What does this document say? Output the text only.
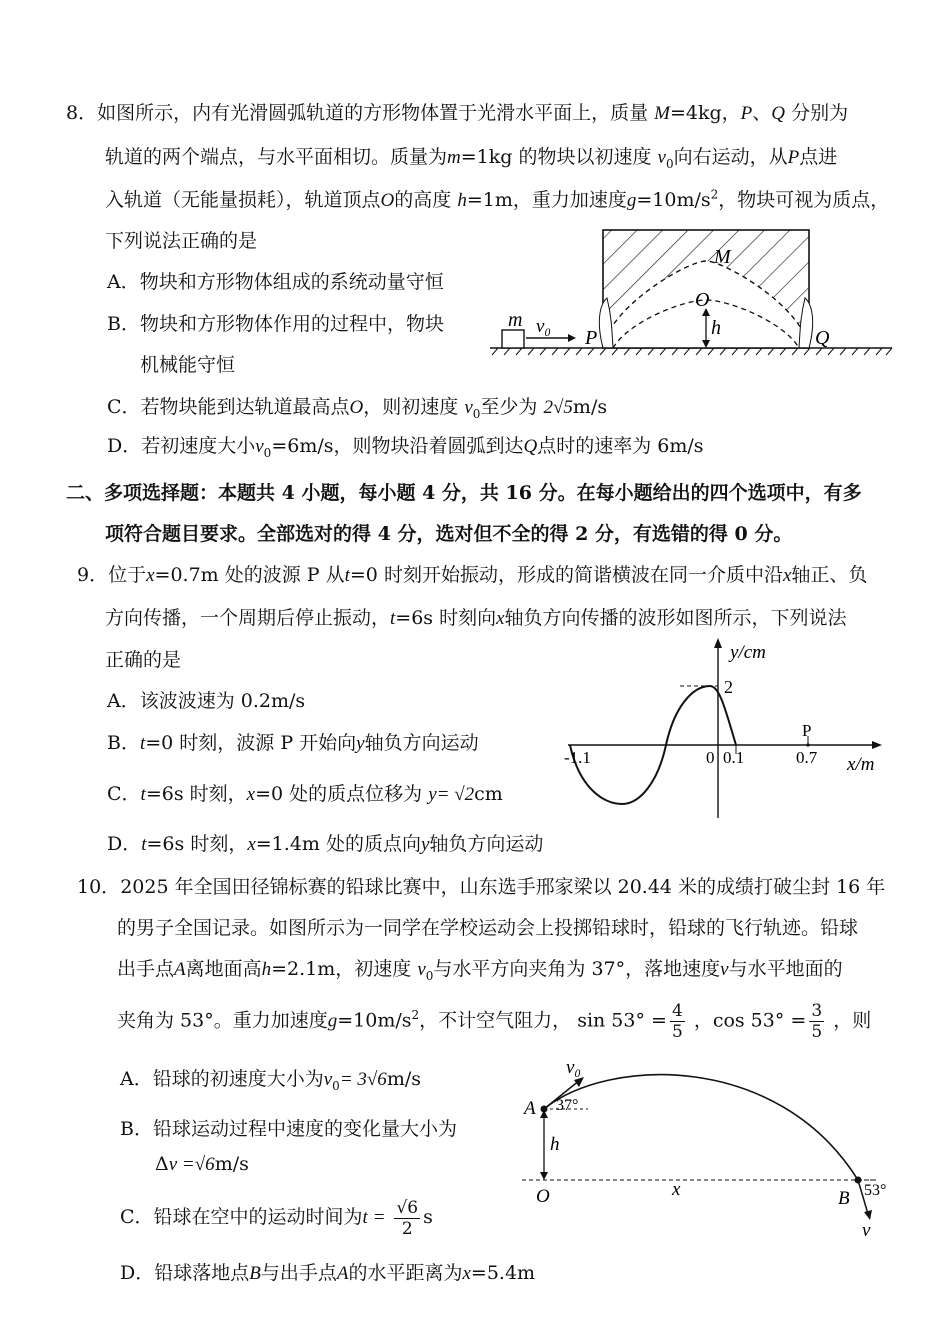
8．如图所示，内有光滑圆弧轨道的方形物体置于光滑水平面上，质量 M=4kg，P、Q 分别为
轨道的两个端点，与水平面相切。质量为m=1kg 的物块以初速度 $v_0$向右运动，从P点进
入轨道（无能量损耗），轨道顶点O的高度 h=1m，重力加速度$g=10m/s^2$，物块可视为质点，
下列说法正确的是
A．物块和方形物体组成的系统动量守恒
B．物块和方形物体作用的过程中，物块
机械能守恒
C．若物块能到达轨道最高点O，则初速度 $v_0$至少为 2√5m/s
D．若初速度大小$v_0=6m/s$，则物块沿着圆弧到达Q点时的速率为 6m/s
M
O
h
P	Q
m v₀
二、多项选择题：本题共 4 小题，每小题 4 分，共 16 分。在每小题给出的四个选项中，有多
项符合题目要求。全部选对的得 4 分，选对但不全的得 2 分，有选错的得 0 分。
9．位于x=0.7m 处的波源 P 从t=0 时刻开始振动，形成的简谐横波在同一介质中沿x轴正、负
方向传播，一个周期后停止振动，t=6s 时刻向x轴负方向传播的波形如图所示，下列说法
正确的是
A．该波波速为 0.2m/s
B．t=0 时刻，波源 P 开始向y轴负方向运动
C．t=6s 时刻，x=0 处的质点位移为 y= √2cm
D．t=6s 时刻，x=1.4m 处的质点向y轴负方向运动
y/cm
x/m
2
-1.1	0 0.1	0.7
P
10．2025 年全国田径锦标赛的铅球比赛中，山东选手邢家梁以 20.44 米的成绩打破尘封 16 年
的男子全国记录。如图所示为一同学在学校运动会上投掷铅球时，铅球的飞行轨迹。铅球
出手点A离地面高h=2.1m，初速度 $v_0$与水平方向夹角为 37°，落地速度v与水平地面的
夹角为 53°。重力加速度$g=10m/s^2$，不计空气阻力， $\sin 53^\circ = \frac{4}{5}$ ，$\cos 53^\circ = \frac{3}{5}$ ，则
A．铅球的初速度大小为$v_0= 3√6m/s$
B．铅球运动过程中速度的变化量大小为
Δv =√6m/s
C．铅球在空中的运动时间为$t = \frac{√6}{2}$ s
D．铅球落地点B与出手点A的水平距离为x=5.4m
v₀
A 37°
h
O	x	B 53°
v
